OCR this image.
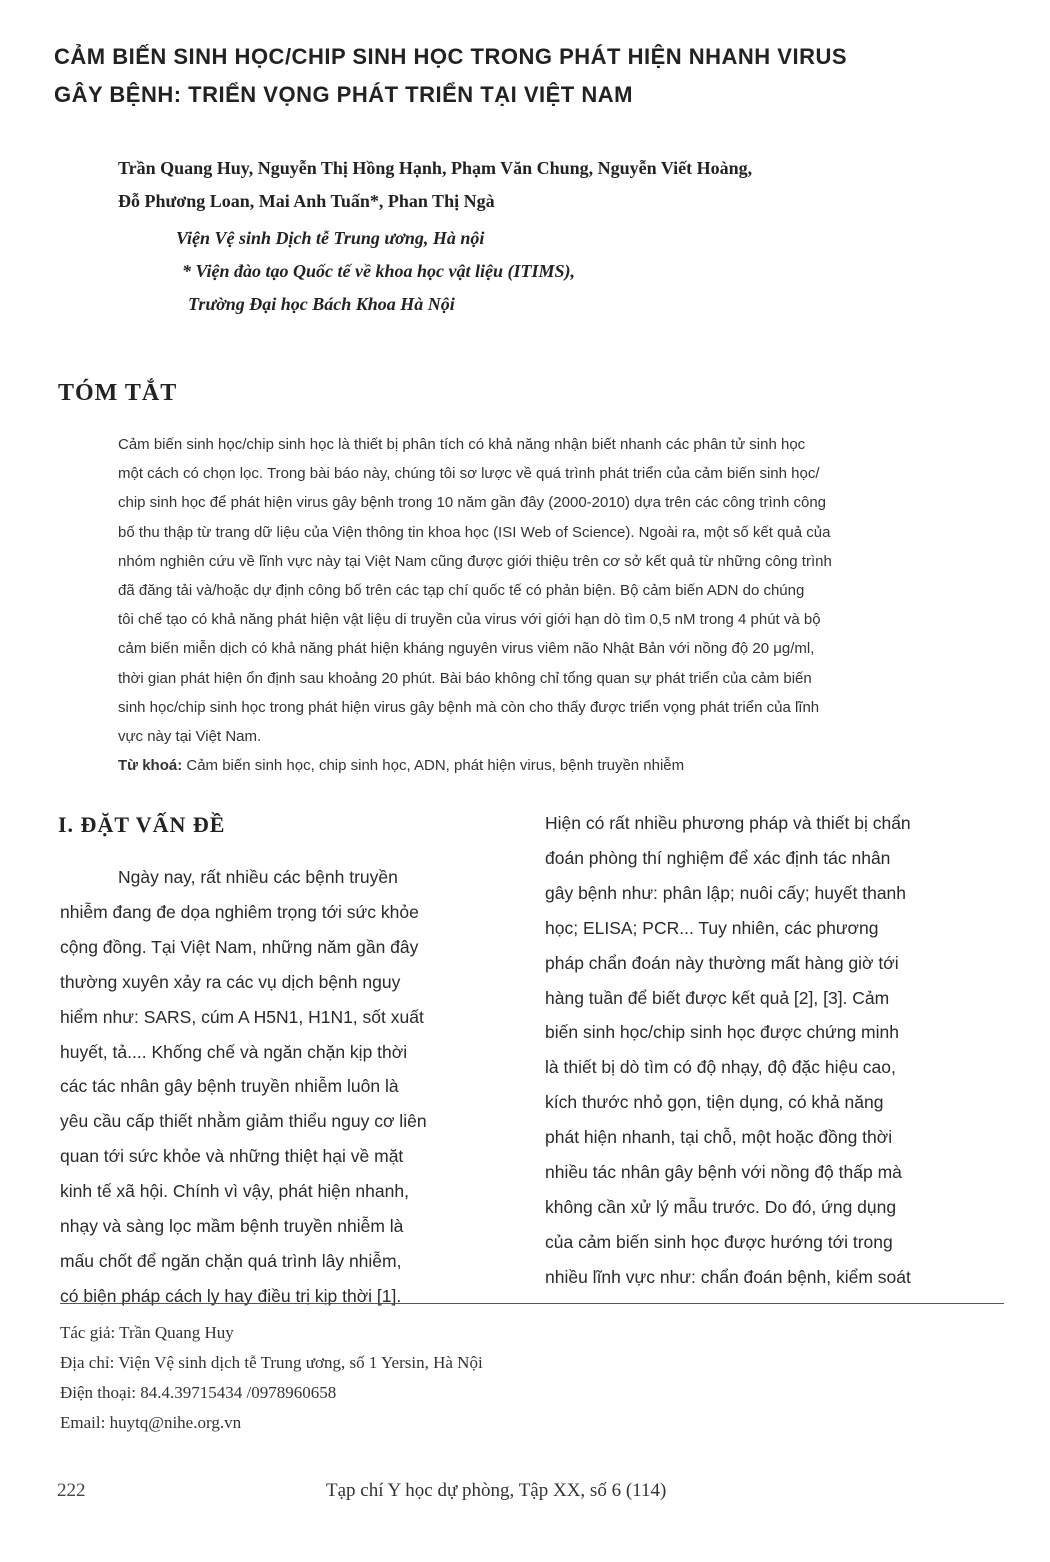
CẢM BIẾN SINH HỌC/CHIP SINH HỌC TRONG PHÁT HIỆN NHANH VIRUS
GÂY BỆNH: TRIỂN VỌNG PHÁT TRIỂN TẠI VIỆT NAM
Trần Quang Huy, Nguyễn Thị Hồng Hạnh, Phạm Văn Chung, Nguyễn Viết Hoàng,
Đỗ Phương Loan, Mai Anh Tuấn*, Phan Thị Ngà
Viện Vệ sinh Dịch tễ Trung ương, Hà nội
* Viện đào tạo Quốc tế về khoa học vật liệu (ITIMS),
Trường Đại học Bách Khoa Hà Nội
TÓM TẮT
Cảm biến sinh học/chip sinh học là thiết bị phân tích có khả năng nhận biết nhanh các phân tử sinh học
một cách có chọn lọc. Trong bài báo này, chúng tôi sơ lược về quá trình phát triển của cảm biến sinh học/
chip sinh học để phát hiện virus gây bệnh trong 10 năm gần đây (2000-2010) dựa trên các công trình công
bố thu thập từ trang dữ liệu của Viện thông tin khoa học (ISI Web of Science). Ngoài ra, một số kết quả của
nhóm nghiên cứu về lĩnh vực này tại Việt Nam cũng được giới thiệu trên cơ sở kết quả từ những công trình
đã đăng tải và/hoặc dự định công bố trên các tạp chí quốc tế có phản biện. Bộ cảm biến ADN do chúng
tôi chế tạo có khả năng phát hiện vật liệu di truyền của virus với giới hạn dò tìm 0,5 nM trong 4 phút và bộ
cảm biến miễn dịch có khả năng phát hiện kháng nguyên virus viêm não Nhật Bản với nồng độ 20 μg/ml,
thời gian phát hiện ổn định sau khoảng 20 phút. Bài báo không chỉ tổng quan sự phát triển của cảm biến
sinh học/chip sinh học trong phát hiện virus gây bệnh mà còn cho thấy được triển vọng phát triển của lĩnh
vực này tại Việt Nam.
Từ khoá: Cảm biến sinh học, chip sinh học, ADN, phát hiện virus, bệnh truyền nhiễm
I. ĐẶT VẤN ĐỀ
Ngày nay, rất nhiều các bệnh truyền
nhiễm đang đe dọa nghiêm trọng tới sức khỏe
cộng đồng. Tại Việt Nam, những năm gần đây
thường xuyên xảy ra các vụ dịch bệnh nguy
hiểm như: SARS, cúm A H5N1, H1N1, sốt xuất
huyết, tả.... Khống chế và ngăn chặn kịp thời
các tác nhân gây bệnh truyền nhiễm luôn là
yêu cầu cấp thiết nhằm giảm thiểu nguy cơ liên
quan tới sức khỏe và những thiệt hại về mặt
kinh tế xã hội. Chính vì vậy, phát hiện nhanh,
nhạy và sàng lọc mầm bệnh truyền nhiễm là
mấu chốt để ngăn chặn quá trình lây nhiễm,
có biện pháp cách ly hay điều trị kịp thời [1].
Hiện có rất nhiều phương pháp và thiết bị chẩn
đoán phòng thí nghiệm để xác định tác nhân
gây bệnh như: phân lập; nuôi cấy; huyết thanh
học; ELISA; PCR... Tuy nhiên, các phương
pháp chẩn đoán này thường mất hàng giờ tới
hàng tuần để biết được kết quả [2], [3]. Cảm
biến sinh học/chip sinh học được chứng minh
là thiết bị dò tìm có độ nhạy, độ đặc hiệu cao,
kích thước nhỏ gọn, tiện dụng, có khả năng
phát hiện nhanh, tại chỗ, một hoặc đồng thời
nhiều tác nhân gây bệnh với nồng độ thấp mà
không cần xử lý mẫu trước. Do đó, ứng dụng
của cảm biến sinh học được hướng tới trong
nhiều lĩnh vực như: chẩn đoán bệnh, kiểm soát
Tác giả: Trần Quang Huy
Địa chỉ: Viện Vệ sinh dịch tễ Trung ương, số 1 Yersin, Hà Nội
Điện thoại: 84.4.39715434 /0978960658
Email: huytq@nihe.org.vn
222	Tạp chí Y học dự phòng, Tập XX, số 6 (114)
